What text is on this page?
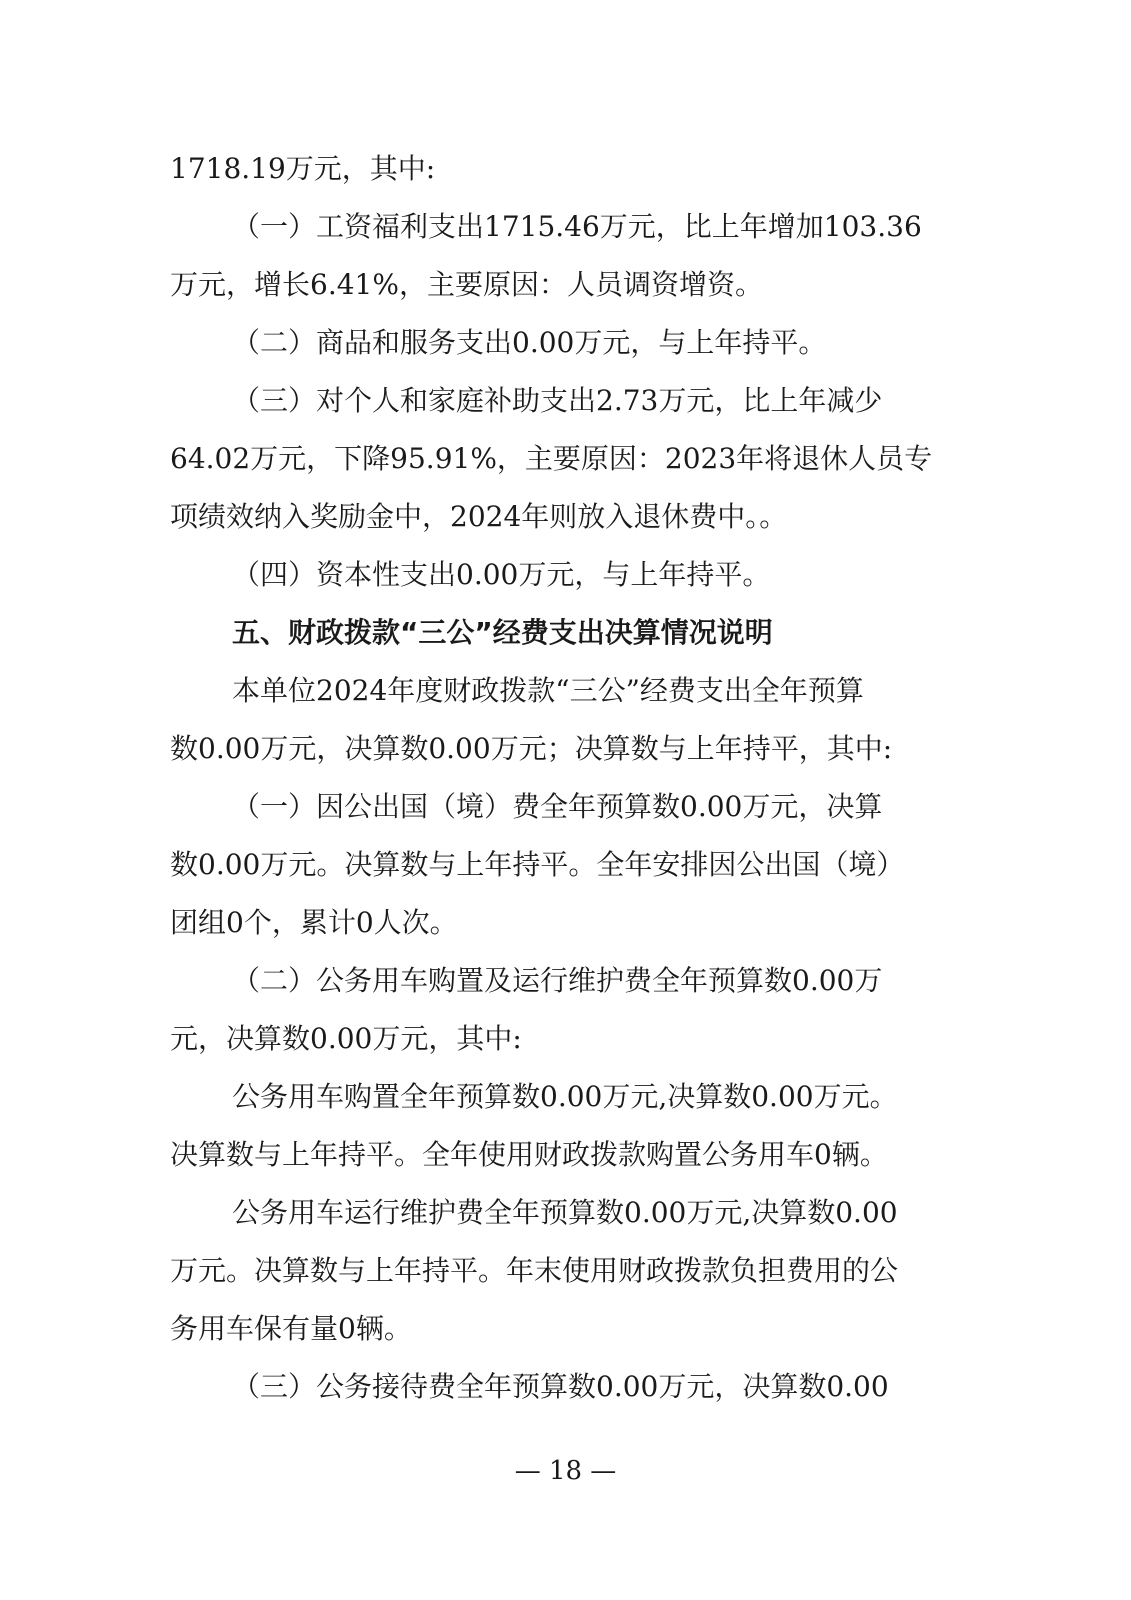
1718.19万元，其中:
（一）工资福利支出1715.46万元，比上年增加103.36
万元，增长6.41%，主要原因：人员调资增资。
（二）商品和服务支出0.00万元，与上年持平。
（三）对个人和家庭补助支出2.73万元，比上年减少
64.02万元，下降95.91%，主要原因：2023年将退休人员专
项绩效纳入奖励金中，2024年则放入退休费中。。
（四）资本性支出0.00万元，与上年持平。
五、财政拨款“三公”经费支出决算情况说明
本单位2024年度财政拨款“三公”经费支出全年预算
数0.00万元，决算数0.00万元；决算数与上年持平，其中:
（一）因公出国（境）费全年预算数0.00万元，决算
数0.00万元。决算数与上年持平。全年安排因公出国（境）
团组0个，累计0人次。
（二）公务用车购置及运行维护费全年预算数0.00万
元，决算数0.00万元，其中:
公务用车购置全年预算数0.00万元,决算数0.00万元。
决算数与上年持平。全年使用财政拨款购置公务用车0辆。
公务用车运行维护费全年预算数0.00万元,决算数0.00
万元。决算数与上年持平。年末使用财政拨款负担费用的公
务用车保有量0辆。
（三）公务接待费全年预算数0.00万元，决算数0.00
— 18 —
